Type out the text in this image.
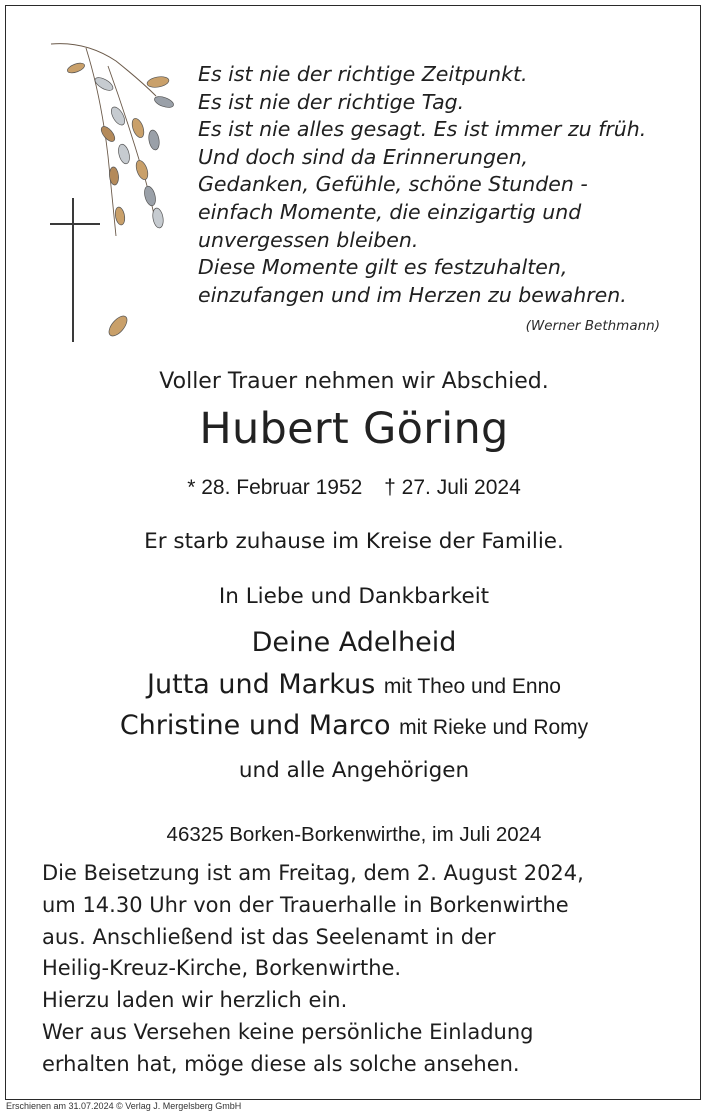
Es ist nie der richtige Zeitpunkt.
Es ist nie der richtige Tag.
Es ist nie alles gesagt. Es ist immer zu früh.
Und doch sind da Erinnerungen,
Gedanken, Gefühle, schöne Stunden -
einfach Momente, die einzigartig und
unvergessen bleiben.
Diese Momente gilt es festzuhalten,
einzufangen und im Herzen zu bewahren.
(Werner Bethmann)
Voller Trauer nehmen wir Abschied.
Hubert Göring
* 28. Februar 1952 † 27. Juli 2024
Er starb zuhause im Kreise der Familie.
In Liebe und Dankbarkeit
Deine Adelheid
Jutta und Markus mit Theo und Enno
Christine und Marco mit Rieke und Romy
und alle Angehörigen
46325 Borken-Borkenwirthe, im Juli 2024
Die Beisetzung ist am Freitag, dem 2. August 2024,
um 14.30 Uhr von der Trauerhalle in Borkenwirthe
aus. Anschließend ist das Seelenamt in der
Heilig-Kreuz-Kirche, Borkenwirthe.
Hierzu laden wir herzlich ein.
Wer aus Versehen keine persönliche Einladung
erhalten hat, möge diese als solche ansehen.
Erschienen am 31.07.2024 © Verlag J. Mergelsberg GmbH
